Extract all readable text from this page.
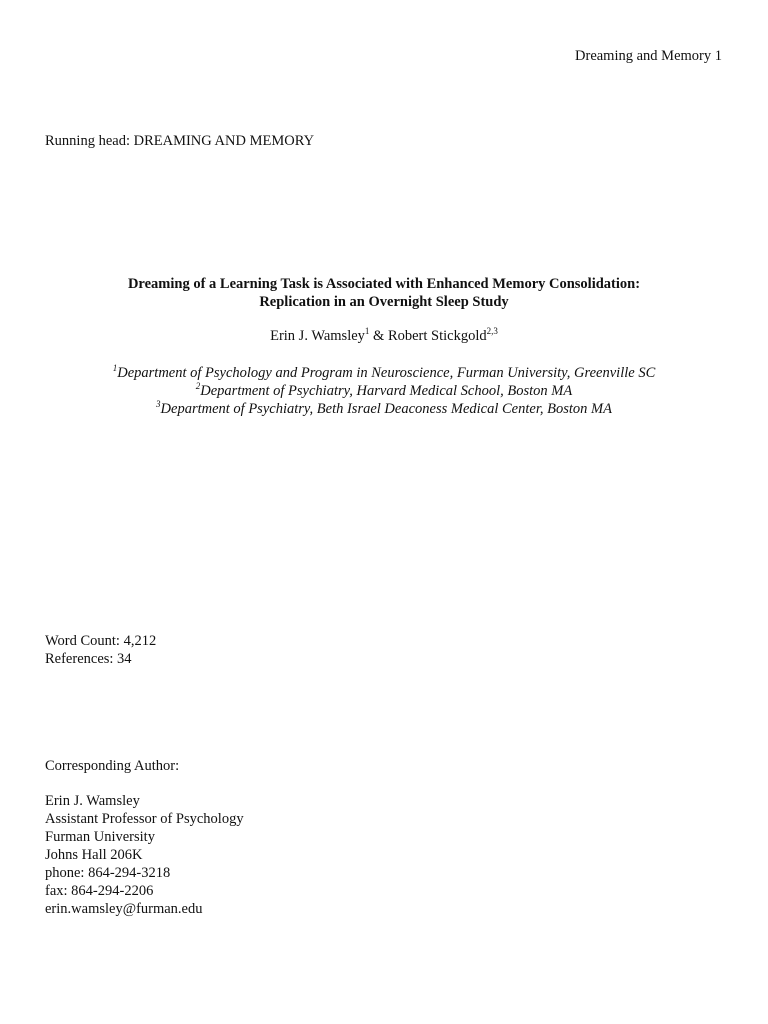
Dreaming and Memory 1
Running head: DREAMING AND MEMORY
Dreaming of a Learning Task is Associated with Enhanced Memory Consolidation:
Replication in an Overnight Sleep Study
Erin J. Wamsley$^1$ & Robert Stickgold$^{2,3}$
$^1$Department of Psychology and Program in Neuroscience, Furman University, Greenville SC
$^2$Department of Psychiatry, Harvard Medical School, Boston MA
$^3$Department of Psychiatry, Beth Israel Deaconess Medical Center, Boston MA
Word Count: 4,212
References: 34
Corresponding Author:
Erin J. Wamsley
Assistant Professor of Psychology
Furman University
Johns Hall 206K
phone: 864-294-3218
fax: 864-294-2206
erin.wamsley@furman.edu
